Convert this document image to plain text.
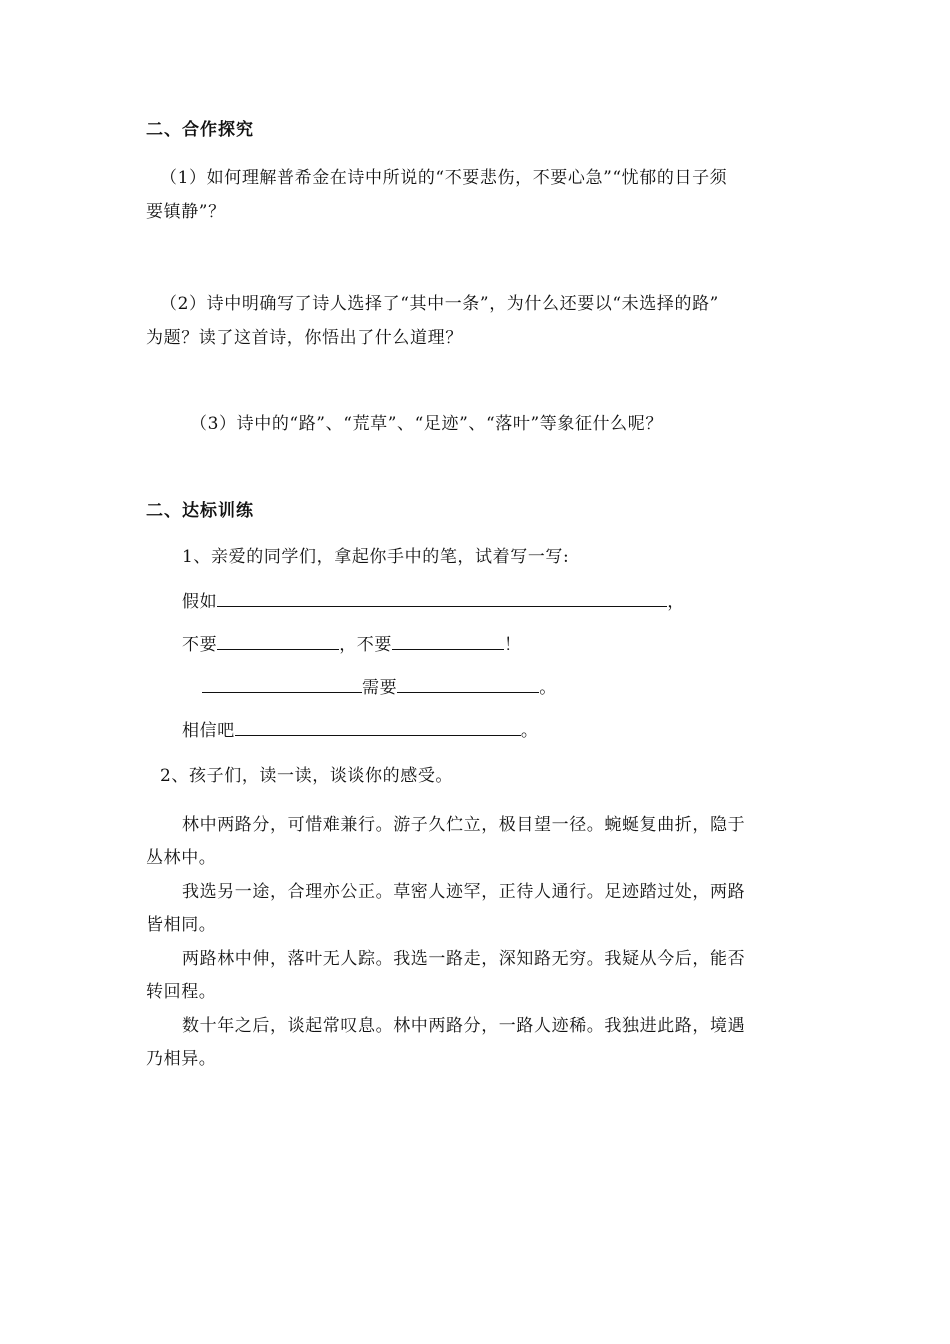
二、合作探究
（1）如何理解普希金在诗中所说的“不要悲伤，不要心急”“忧郁的日子须
要镇静”？
（2）诗中明确写了诗人选择了“其中一条”，为什么还要以“未选择的路”
为题？读了这首诗，你悟出了什么道理？
（3）诗中的“路”、“荒草”、“足迹”、“落叶”等象征什么呢？
二、达标训练
1、亲爱的同学们，拿起你手中的笔，试着写一写:
假如	，
不要	，不要	！
需要	。
相信吧	。
2、孩子们，读一读，谈谈你的感受。
林中两路分，可惜难兼行。游子久伫立，极目望一径。蜿蜒复曲折，隐于
丛林中。
我选另一途，合理亦公正。草密人迹罕，正待人通行。足迹踏过处，两路
皆相同。
两路林中伸，落叶无人踪。我选一路走，深知路无穷。我疑从今后，能否
转回程。
数十年之后，谈起常叹息。林中两路分，一路人迹稀。我独进此路，境遇
乃相异。
